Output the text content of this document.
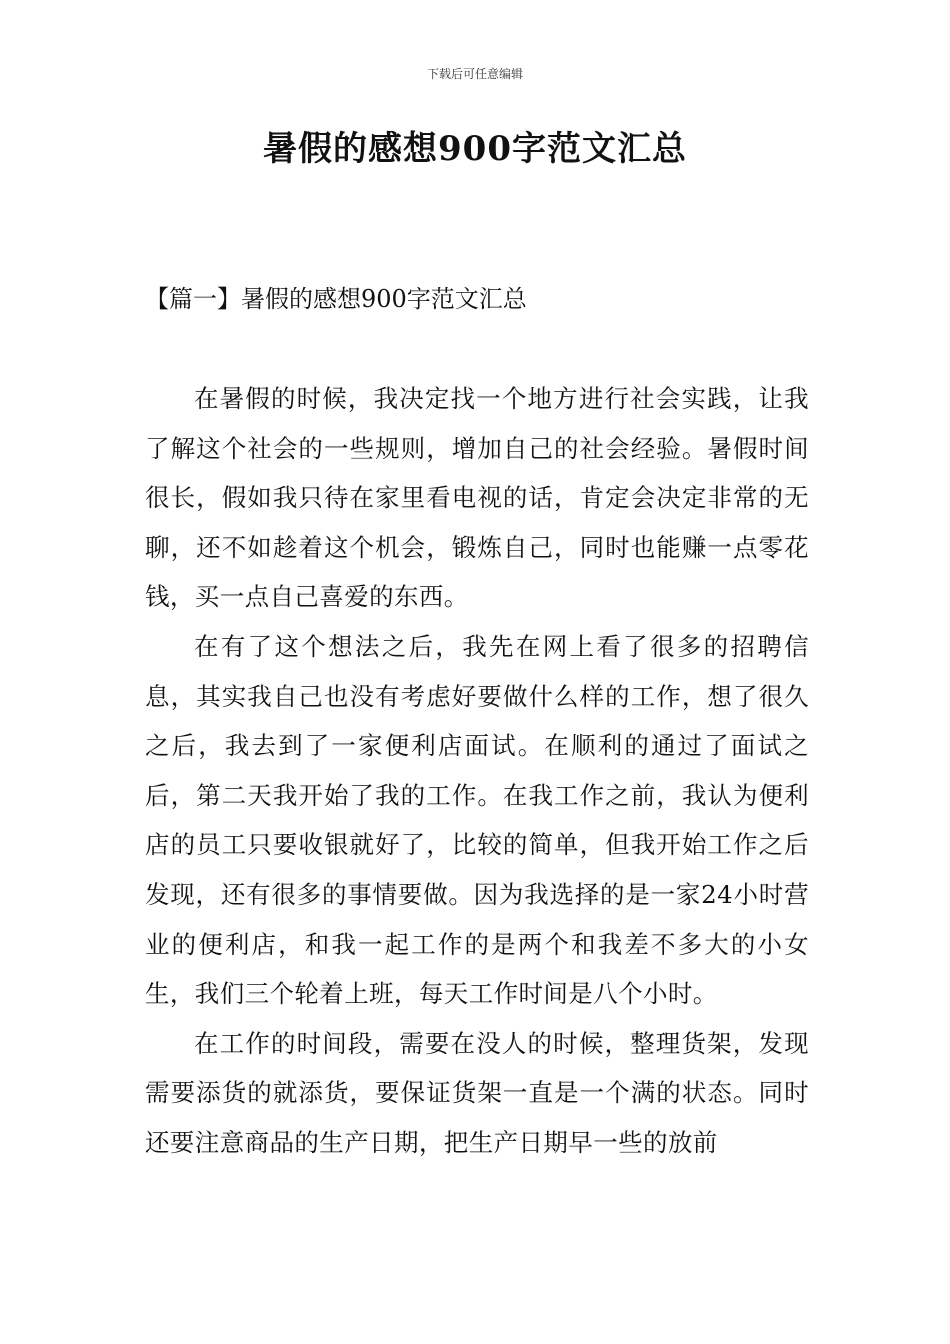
下载后可任意编辑
暑假的感想900字范文汇总
【篇一】暑假的感想900字范文汇总

在暑假的时候，我决定找一个地方进行社会实践，让我了解这个社会的一些规则，增加自己的社会经验。暑假时间很长，假如我只待在家里看电视的话，肯定会决定非常的无聊，还不如趁着这个机会，锻炼自己，同时也能赚一点零花钱，买一点自己喜爱的东西。

在有了这个想法之后，我先在网上看了很多的招聘信息，其实我自己也没有考虑好要做什么样的工作，想了很久之后，我去到了一家便利店面试。在顺利的通过了面试之后，第二天我开始了我的工作。在我工作之前，我认为便利店的员工只要收银就好了，比较的简单，但我开始工作之后发现，还有很多的事情要做。因为我选择的是一家24小时营业的便利店，和我一起工作的是两个和我差不多大的小女生，我们三个轮着上班，每天工作时间是八个小时。

在工作的时间段，需要在没人的时候，整理货架，发现需要添货的就添货，要保证货架一直是一个满的状态。同时还要注意商品的生产日期，把生产日期早一些的放前
